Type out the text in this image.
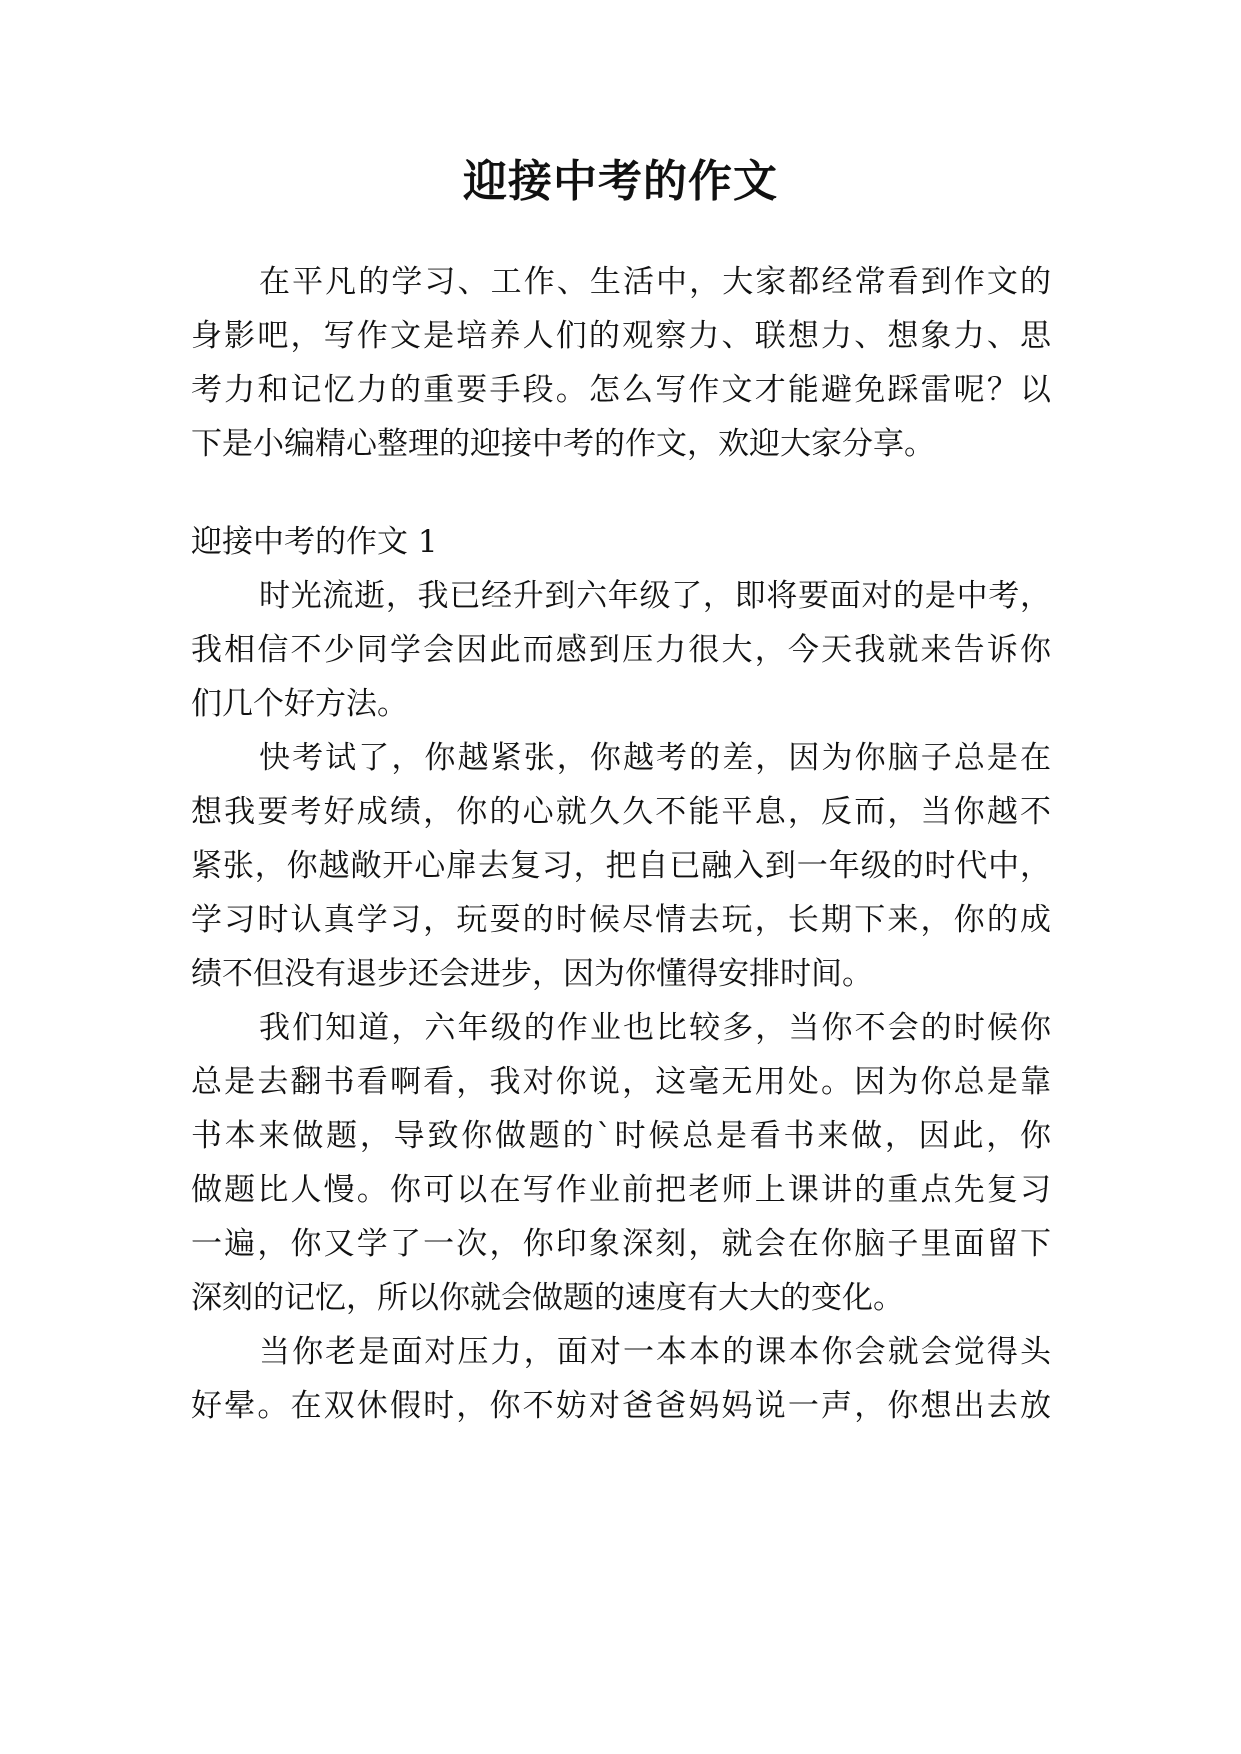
迎接中考的作文
在平凡的学习、工作、生活中，大家都经常看到作文的
身影吧，写作文是培养人们的观察力、联想力、想象力、思
考力和记忆力的重要手段。怎么写作文才能避免踩雷呢？以
下是小编精心整理的迎接中考的作文，欢迎大家分享。
迎接中考的作文 1
时光流逝，我已经升到六年级了，即将要面对的是中考，
我相信不少同学会因此而感到压力很大，今天我就来告诉你
们几个好方法。
快考试了，你越紧张，你越考的差，因为你脑子总是在
想我要考好成绩，你的心就久久不能平息，反而，当你越不
紧张，你越敞开心扉去复习，把自已融入到一年级的时代中，
学习时认真学习，玩耍的时候尽情去玩，长期下来，你的成
绩不但没有退步还会进步，因为你懂得安排时间。
我们知道，六年级的作业也比较多，当你不会的时候你
总是去翻书看啊看，我对你说，这毫无用处。因为你总是靠
书本来做题，导致你做题的`时候总是看书来做，因此，你
做题比人慢。你可以在写作业前把老师上课讲的重点先复习
一遍，你又学了一次，你印象深刻，就会在你脑子里面留下
深刻的记忆，所以你就会做题的速度有大大的变化。
当你老是面对压力，面对一本本的课本你会就会觉得头
好晕。在双休假时，你不妨对爸爸妈妈说一声，你想出去放
